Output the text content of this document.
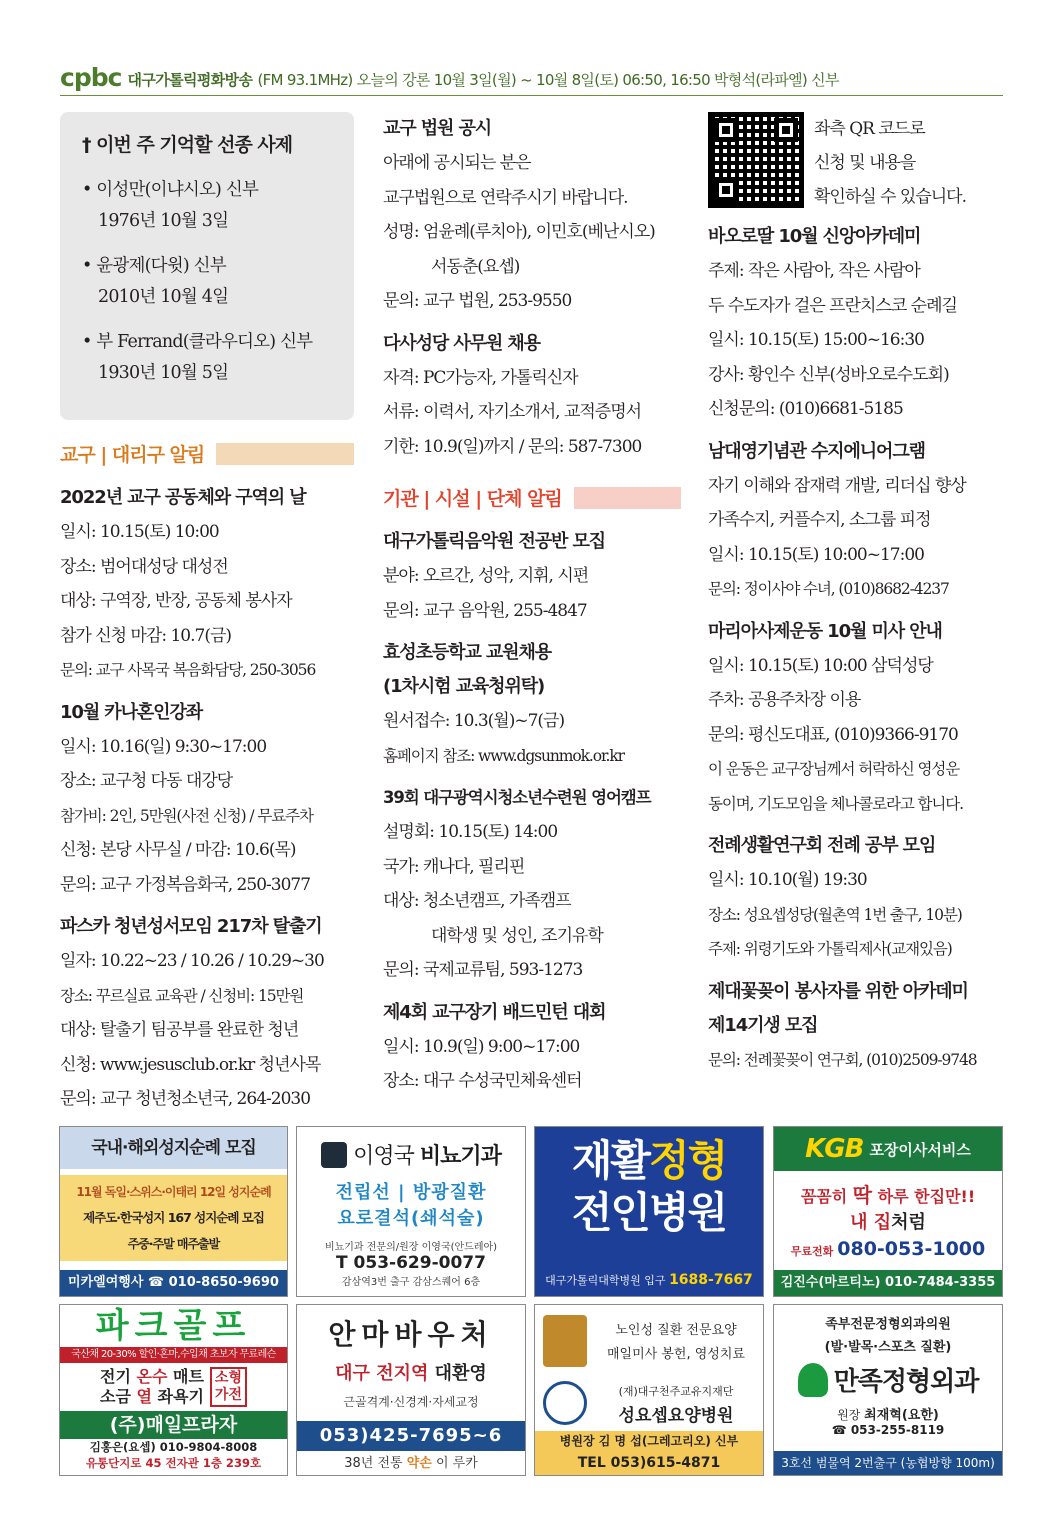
cpbc 대구가톨릭평화방송 (FM 93.1MHz) 오늘의 강론 10월 3일(월) ~ 10월 8일(토) 06:50, 16:50 박형석(라파엘) 신부
† 이번 주 기억할 선종 사제
• 이성만(이냐시오) 신부
1976년 10월 3일
• 윤광제(다윗) 신부
2010년 10월 4일
• 부 Ferrand(클라우디오) 신부
1930년 10월 5일
교구 | 대리구 알림
2022년 교구 공동체와 구역의 날

일시: 10.15(토) 10:00

장소: 범어대성당 대성전

대상: 구역장, 반장, 공동체 봉사자

참가 신청 마감: 10.7(금)

문의: 교구 사목국 복음화담당, 250-3056

10월 카나혼인강좌

일시: 10.16(일) 9:30~17:00

장소: 교구청 다동 대강당

참가비: 2인, 5만원(사전 신청) / 무료주차

신청: 본당 사무실 / 마감: 10.6(목)

문의: 교구 가정복음화국, 250-3077

파스카 청년성서모임 217차 탈출기

일자: 10.22~23 / 10.26 / 10.29~30

장소: 꾸르실료 교육관 / 신청비: 15만원

대상: 탈출기 팀공부를 완료한 청년

신청: www.jesusclub.or.kr 청년사목

문의: 교구 청년청소년국, 264-2030

교구 법원 공시

아래에 공시되는 분은

교구법원으로 연락주시기 바랍니다.

성명: 엄윤례(루치아), 이민호(베난시오)

서동춘(요셉)

문의: 교구 법원, 253-9550

다사성당 사무원 채용

자격: PC가능자, 가톨릭신자

서류: 이력서, 자기소개서, 교적증명서

기한: 10.9(일)까지 / 문의: 587-7300

기관 | 시설 | 단체 알림
대구가톨릭음악원 전공반 모집

분야: 오르간, 성악, 지휘, 시편

문의: 교구 음악원, 255-4847

효성초등학교 교원채용
(1차시험 교육청위탁)

원서접수: 10.3(월)~7(금)

홈페이지 참조: www.dgsunmok.or.kr

39회 대구광역시청소년수련원 영어캠프

설명회: 10.15(토) 14:00

국가: 캐나다, 필리핀

대상: 청소년캠프, 가족캠프

대학생 및 성인, 조기유학

문의: 국제교류팀, 593-1273

제4회 교구장기 배드민턴 대회

일시: 10.9(일) 9:00~17:00

장소: 대구 수성국민체육센터

좌측 QR 코드로

신청 및 내용을

확인하실 수 있습니다.

바오로딸 10월 신앙아카데미

주제: 작은 사람아, 작은 사람아

두 수도자가 걸은 프란치스코 순례길

일시: 10.15(토) 15:00~16:30

강사: 황인수 신부(성바오로수도회)

신청문의: (010)6681-5185

남대영기념관 수지에니어그램

자기 이해와 잠재력 개발, 리더십 향상

가족수지, 커플수지, 소그룹 피정

일시: 10.15(토) 10:00~17:00

문의: 정이사야 수녀, (010)8682-4237

마리아사제운동 10월 미사 안내

일시: 10.15(토) 10:00 삼덕성당

주차: 공용주차장 이용

문의: 평신도대표, (010)9366-9170

이 운동은 교구장님께서 허락하신 영성운

동이며, 기도모임을 체나콜로라고 합니다.

전례생활연구회 전례 공부 모임

일시: 10.10(월) 19:30

장소: 성요셉성당(월촌역 1번 출구, 10분)

주제: 위령기도와 가톨릭제사(교재있음)

제대꽃꽂이 봉사자를 위한 아카데미
제14기생 모집

문의: 전례꽃꽂이 연구회, (010)2509-9748

국내·해외성지순례 모집

11월 독일·스위스·이태리 12일 성지순례

제주도·한국성지 167 성지순례 모집

주중·주말 매주출발

미카엘여행사 ☎ 010-8650-9690
이영국 비뇨기과
전립선 | 방광질환
요로결석(쇄석술)
비뇨기과 전문의/원장 이영국(안드레아)
T 053-629-0077
감삼역3번 출구 감삼스퀘어 6층
재활정형
전인병원
대구가톨릭대학병원 입구 1688-7667
KGB 포장이사서비스
꼼꼼히 딱 하루 한집만!!
내 집처럼
무료전화 080-053-1000
김진수(마르티노) 010-7484-3355
파크골프
국산채 20-30% 할인·혼마,수입채 초보자 무료레슨

전기 온수 매트

소금 열 좌욕기

소형
가전
(주)매일프라자
김홍은(요셉) 010-9804-8008
유통단지로 45 전자관 1층 239호
안마바우처
대구 전지역 대환영
근골격계·신경계·자세교정
053)425-7695~6
38년 전통 약손 이 루카
노인성 질환 전문요양
매일미사 봉헌, 영성치료
(재)대구천주교유지재단
성요셉요양병원
병원장 김 명 섭(그레고리오) 신부
TEL 053)615-4871
족부전문정형외과의원
(발·발목·스포츠 질환)
만족정형외과
원장 최재혁(요한)
☎ 053-255-8119
3호선 범물역 2번출구 (농협방향 100m)
